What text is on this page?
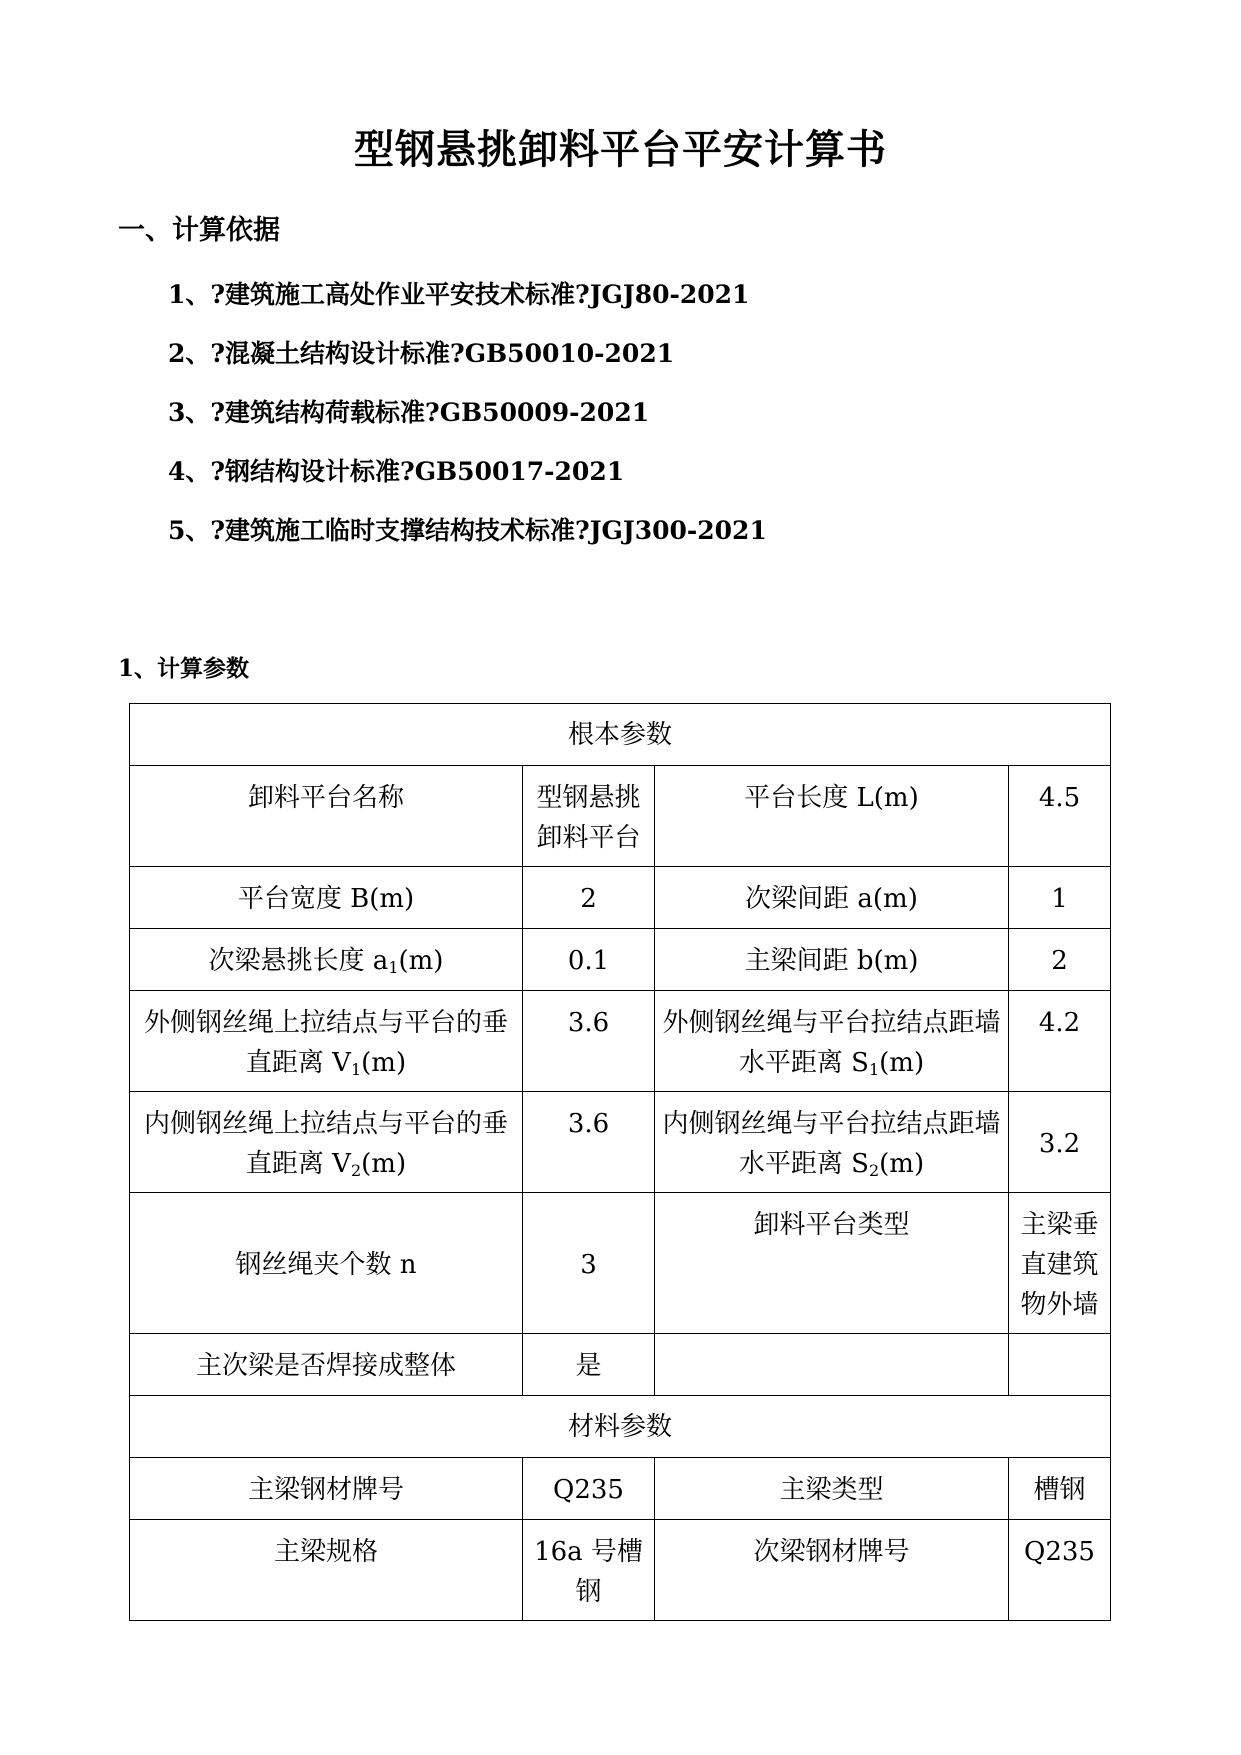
型钢悬挑卸料平台平安计算书
一、计算依据
1、?建筑施工高处作业平安技术标准?JGJ80-2021
2、?混凝土结构设计标准?GB50010-2021
3、?建筑结构荷载标准?GB50009-2021
4、?钢结构设计标准?GB50017-2021
5、?建筑施工临时支撑结构技术标准?JGJ300-2021
1、计算参数
根本参数			
卸料平台名称	型钢悬挑卸料平台	平台长度 L(m)	4.5
平台宽度 B(m)	2	次梁间距 a(m)	1
次梁悬挑长度 $a_1(m)$	0.1	主梁间距 b(m)	2
外侧钢丝绳上拉结点与平台的垂直距离 $V_1(m)$	3.6	外侧钢丝绳与平台拉结点距墙水平距离 $S_1(m)$	4.2
内侧钢丝绳上拉结点与平台的垂直距离 $V_2(m)$	3.6	内侧钢丝绳与平台拉结点距墙水平距离 $S_2(m)$	3.2
钢丝绳夹个数 n	3	卸料平台类型	主梁垂直建筑物外墙
主次梁是否焊接成整体	是		
材料参数			
主梁钢材牌号	Q235	主梁类型	槽钢
主梁规格	16a 号槽钢	次梁钢材牌号	Q235
